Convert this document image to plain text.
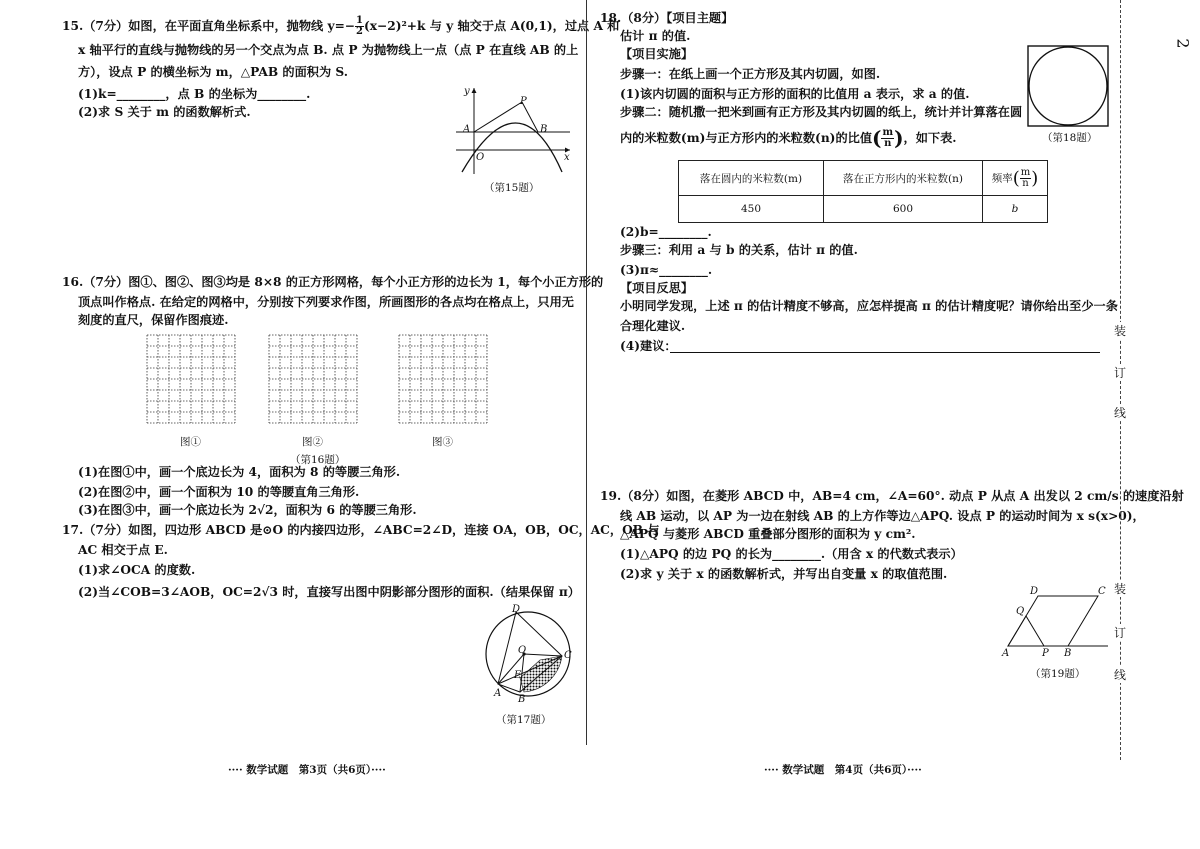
15.（7分）如图，在平面直角坐标系中，抛物线 $y=- \frac{1}{2} (x-2)^2+k$ 与 y 轴交于点 A(0,1)，过点 A 和
x 轴平行的直线与抛物线的另一个交点为点 B. 点 P 为抛物线上一点（点 P 在直线 AB 的上
方），设点 P 的横坐标为 m，△PAB 的面积为 S.
(1)k=________，点 B 的坐标为________.
(2)求 S 关于 m 的函数解析式.
y
x
A	B
P
O
（第15题）
16.（7分）图①、图②、图③均是 8×8 的正方形网格，每个小正方形的边长为 1，每个小正方形的
顶点叫作格点. 在给定的网格中，分别按下列要求作图，所画图形的各点均在格点上，只用无
刻度的直尺，保留作图痕迹.
图①	图②	图③
（第16题）
(1)在图①中，画一个底边长为 4，面积为 8 的等腰三角形.
(2)在图②中，画一个面积为 10 的等腰直角三角形.
(3)在图③中，画一个底边长为 2√2，面积为 6 的等腰三角形.
17.（7分）如图，四边形 ABCD 是⊙O 的内接四边形，∠ABC=2∠D，连接 OA，OB，OC，AC，OB 与
AC 相交于点 E.
(1)求∠OCA 的度数.
(2)当∠COB=3∠AOB，OC=2√3 时，直接写出图中阴影部分图形的面积.（结果保留 π）
D
C
O
E
A
B
（第17题）
···· 数学试题　第3页（共6页）····
18.（8分）【项目主题】
估计 π 的值.
【项目实施】
步骤一：在纸上画一个正方形及其内切圆，如图.
(1)该内切圆的面积与正方形的面积的比值用 a 表示，求 a 的值.
步骤二：随机撒一把米到画有正方形及其内切圆的纸上，统计并计算落在圆
内的米粒数(m)与正方形内的米粒数(n)的比值( $\frac{m}{n}$ )，如下表.	（第18题）
落在圆内的米粒数(m)	落在正方形内的米粒数(n)	频率( $\frac{m}{n}$ )
450	600	b
(2)b=________.
步骤三：利用 a 与 b 的关系，估计 π 的值.
(3)π≈________.
【项目反思】
小明同学发现，上述 π 的估计精度不够高，应怎样提高 π 的估计精度呢？请你给出至少一条
合理化建议.
(4)建议：
19.（8分）如图，在菱形 ABCD 中，AB=4 cm，∠A=60°. 动点 P 从点 A 出发以 2 cm/s 的速度沿射
线 AB 运动，以 AP 为一边在射线 AB 的上方作等边△APQ. 设点 P 的运动时间为 x s(x>0)，
△APQ 与菱形 ABCD 重叠部分图形的面积为 y cm².
(1)△APQ 的边 PQ 的长为________.（用含 x 的代数式表示）
(2)求 y 关于 x 的函数解析式，并写出自变量 x 的取值范围.
D	C
Q
A	P B
（第19题）
···· 数学试题　第4页（共6页）····
2
装
订
线
装
订
线
